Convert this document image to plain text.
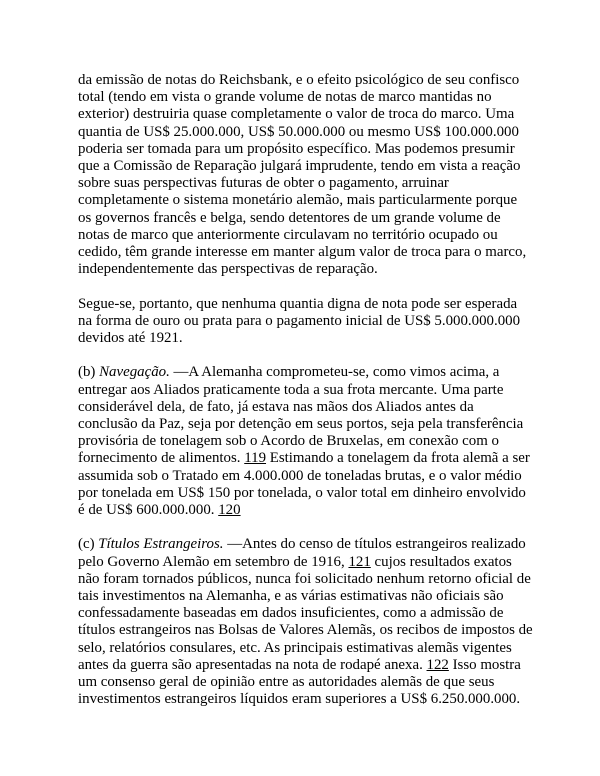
da emissão de notas do Reichsbank, e o efeito psicológico de seu confisco
total (tendo em vista o grande volume de notas de marco mantidas no
exterior) destruiria quase completamente o valor de troca do marco. Uma
quantia de US$ 25.000.000, US$ 50.000.000 ou mesmo US$ 100.000.000
poderia ser tomada para um propósito específico. Mas podemos presumir
que a Comissão de Reparação julgará imprudente, tendo em vista a reação
sobre suas perspectivas futuras de obter o pagamento, arruinar
completamente o sistema monetário alemão, mais particularmente porque
os governos francês e belga, sendo detentores de um grande volume de
notas de marco que anteriormente circulavam no território ocupado ou
cedido, têm grande interesse em manter algum valor de troca para o marco,
independentemente das perspectivas de reparação.

Segue-se, portanto, que nenhuma quantia digna de nota pode ser esperada
na forma de ouro ou prata para o pagamento inicial de US$ 5.000.000.000
devidos até 1921.

(b) Navegação. —A Alemanha comprometeu-se, como vimos acima, a
entregar aos Aliados praticamente toda a sua frota mercante. Uma parte
considerável dela, de fato, já estava nas mãos dos Aliados antes da
conclusão da Paz, seja por detenção em seus portos, seja pela transferência
provisória de tonelagem sob o Acordo de Bruxelas, em conexão com o
fornecimento de alimentos. 119 Estimando a tonelagem da frota alemã a ser
assumida sob o Tratado em 4.000.000 de toneladas brutas, e o valor médio
por tonelada em US$ 150 por tonelada, o valor total em dinheiro envolvido
é de US$ 600.000.000. 120

(c) Títulos Estrangeiros. —Antes do censo de títulos estrangeiros realizado
pelo Governo Alemão em setembro de 1916, 121 cujos resultados exatos
não foram tornados públicos, nunca foi solicitado nenhum retorno oficial de
tais investimentos na Alemanha, e as várias estimativas não oficiais são
confessadamente baseadas em dados insuficientes, como a admissão de
títulos estrangeiros nas Bolsas de Valores Alemãs, os recibos de impostos de
selo, relatórios consulares, etc. As principais estimativas alemãs vigentes
antes da guerra são apresentadas na nota de rodapé anexa. 122 Isso mostra
um consenso geral de opinião entre as autoridades alemãs de que seus
investimentos estrangeiros líquidos eram superiores a US$ 6.250.000.000.
